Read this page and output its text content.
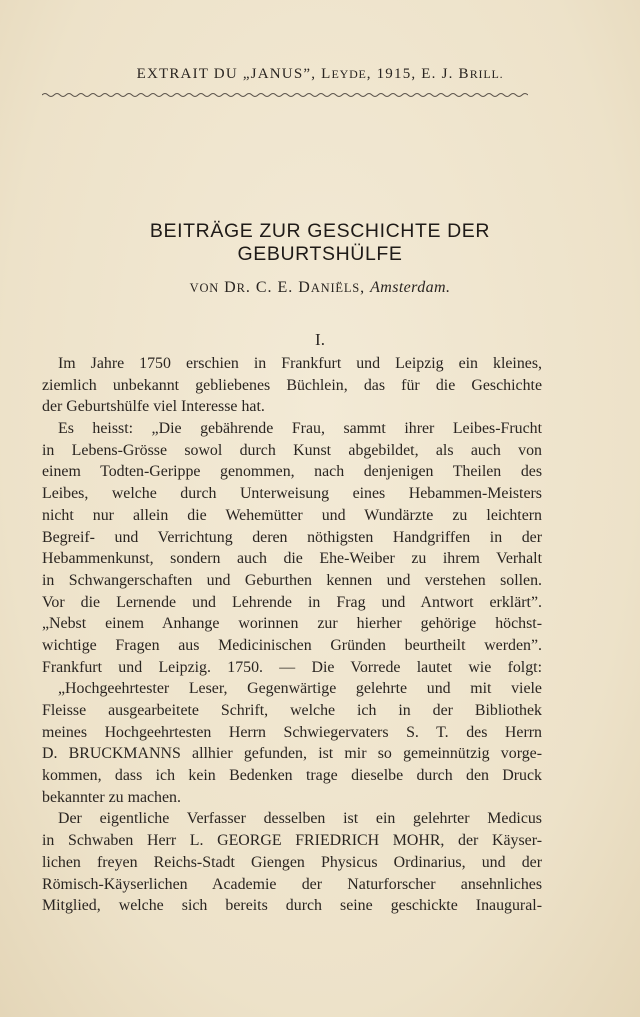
EXTRAIT DU „JANUS”, LEYDE, 1915, E. J. BRILL.
BEITRÄGE ZUR GESCHICHTE DER
GEBURTSHÜLFE
VON DR. C. E. DANIËLS, Amsterdam.
I.
Im Jahre 1750 erschien in Frankfurt und Leipzig ein kleines,
ziemlich unbekannt gebliebenes Büchlein, das für die Geschichte
der Geburtshülfe viel Interesse hat.
Es heisst: „Die gebährende Frau, sammt ihrer Leibes-Frucht
in Lebens-Grösse sowol durch Kunst abgebildet, als auch von
einem Todten-Gerippe genommen, nach denjenigen Theilen des
Leibes, welche durch Unterweisung eines Hebammen-Meisters
nicht nur allein die Wehemütter und Wundärzte zu leichtern
Begreif- und Verrichtung deren nöthigsten Handgriffen in der
Hebammenkunst, sondern auch die Ehe-Weiber zu ihrem Verhalt
in Schwangerschaften und Geburthen kennen und verstehen sollen.
Vor die Lernende und Lehrende in Frag und Antwort erklärt”.
„Nebst einem Anhange worinnen zur hierher gehörige höchst-
wichtige Fragen aus Medicinischen Gründen beurtheilt werden”.
Frankfurt und Leipzig. 1750. — Die Vorrede lautet wie folgt:
„Hochgeehrtester Leser, Gegenwärtige gelehrte und mit viele
Fleisse ausgearbeitete Schrift, welche ich in der Bibliothek
meines Hochgeehrtesten Herrn Schwiegervaters S. T. des Herrn
D. BRUCKMANNS allhier gefunden, ist mir so gemeinnützig vorge-
kommen, dass ich kein Bedenken trage dieselbe durch den Druck
bekannter zu machen.
Der eigentliche Verfasser desselben ist ein gelehrter Medicus
in Schwaben Herr L. GEORGE FRIEDRICH MOHR, der Käyser-
lichen freyen Reichs-Stadt Giengen Physicus Ordinarius, und der
Römisch-Käyserlichen Academie der Naturforscher ansehnliches
Mitglied, welche sich bereits durch seine geschickte Inaugural-
